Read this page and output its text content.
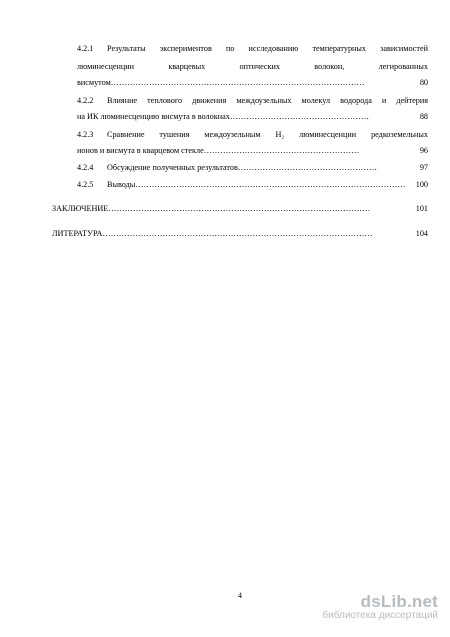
4.2.1 Результаты экспериментов по исследованию температурных зависимостей
люминесценции кварцевых оптических волокон, легированных
висмутом …………………………………………………………………………………	80
4.2.2 Влияние теплового движения междоузельных молекул водорода и дейтерия
на ИК люминесценцию висмута в волокнах ……………………………………………	88
4.2.3 Сравнение тушения междоузельным H₂ люминесценции редкоземельных
ионов и висмута в кварцевом стекле …………………………………………………	96
4.2.4	Обсуждение полученных результатов ……………………………………………	97
4.2.5	Выводы ………………………………………………………………………………………	100
ЗАКЛЮЧЕНИЕ ……………………………………………………………………………………	101
ЛИТЕРАТУРА ………………………………………………………………………………………	104
4	dsLib.net
библиотека диссертаций
